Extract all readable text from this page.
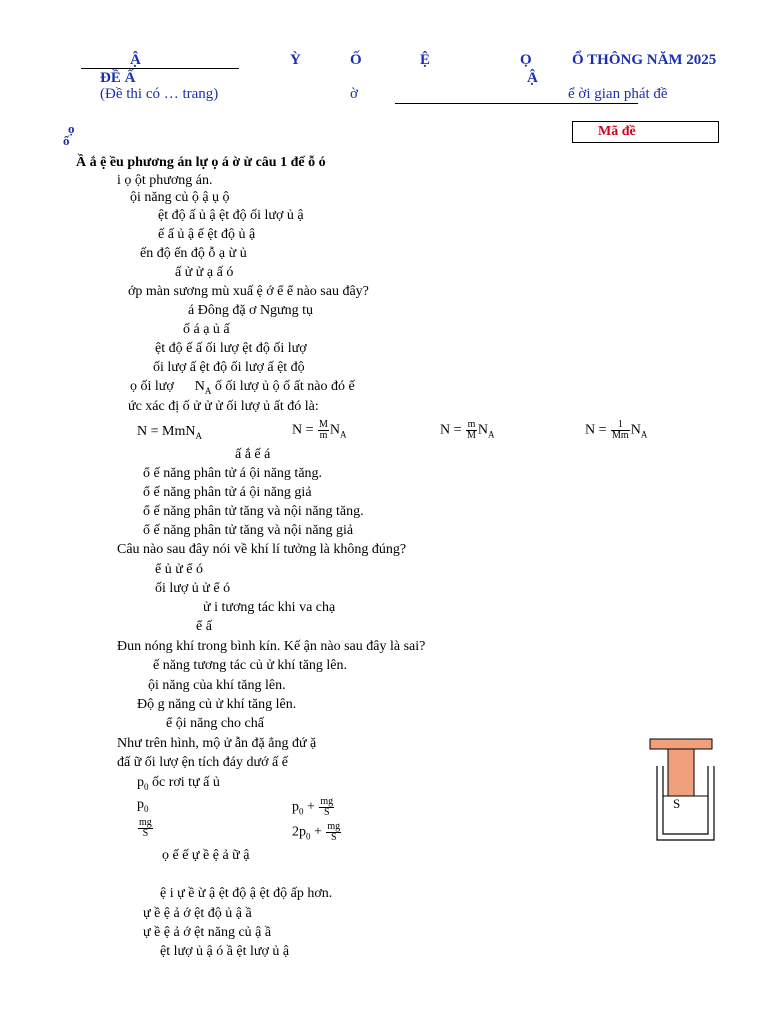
Ậ
ĐỀ Ấ
(Đề thi có … trang)
Ỳ	Ố	Ệ	Ọ	Ổ THÔNG NĂM 2025
Ậ
ờ	ể ời gian phát đề
Mã đề
ọ
ố
Ầ ắ ệ ều phương án lự ọ á ờ ừ câu 1 đế ỗ ó
i ọ ột phương án.
ội năng củ ộ ậ ụ ộ
ệt độ ấ ủ ậ ệt độ ối lượ ủ ậ
ế ấ ủ ậ ế ệt độ ủ ậ
ến độ ến độ ỗ ạ ừ ủ
ấ ử ử ạ ấ ó
ớp màn sương mù xuấ ệ ớ ể ể nào sau đây?
á Đông đặ ơ Ngưng tụ
ố á ạ ủ ấ
ệt độ ế ấ ối lượ ệt độ ối lượ
ối lượ ấ ệt độ ối lượ ấ ệt độ
ọ ối lượ      $N_A$ ố ối lượ ủ ộ ố ất nào đó ế
ức xác đị ố ử ử ử ối lượ ủ ất đó là:
ấ ắ ế á
ổ ế năng phân tử á ội năng tăng.
ổ ế năng phân tử á ội năng giả
ổ ế năng phân tử tăng và nội năng tăng.
ổ ế năng phân tử tăng và nội năng giả
Câu nào sau đây nói về khí lí tưởng là không đúng?
ể ủ ử ể ó
ối lượ ủ ử ể ó
ử i tương tác khi va chạ
ể ấ
Đun nóng khí trong bình kín. Kế ận nào sau đây là sai?
ế năng tương tác củ ử khí tăng lên.
ội năng của khí tăng lên.
Độ g năng củ ử khí tăng lên.
ể ội năng cho chấ
Như trên hình, mộ ử ẫn đặ ẳng đứ ặ
đấ ữ ối lượ ện tích đáy dướ ấ ế
ọ ế ế ự ề ệ ả ữ ậ
ệ i ự ề ừ ậ ệt độ ậ ệt độ ấp hơn.
ự ề ệ ả ớ ệt độ ủ ậ ầ
ự ề ệ ả ớ ệt năng củ ậ ầ
ệt lượ ủ ậ ó ầ ệt lượ ủ ậ
N = MmN$_A$	$N = \frac{M}{m} N_A$	$N = \frac{m}{M} N_A$	$N = \frac{1}{Mm} N_A$
$p_0$ ốc rơi tự ấ ủ
$p_0$	$p_0 + \frac{mg}{S}$
$\frac{mg}{S}$	$2p_0 + \frac{mg}{S}$
S
